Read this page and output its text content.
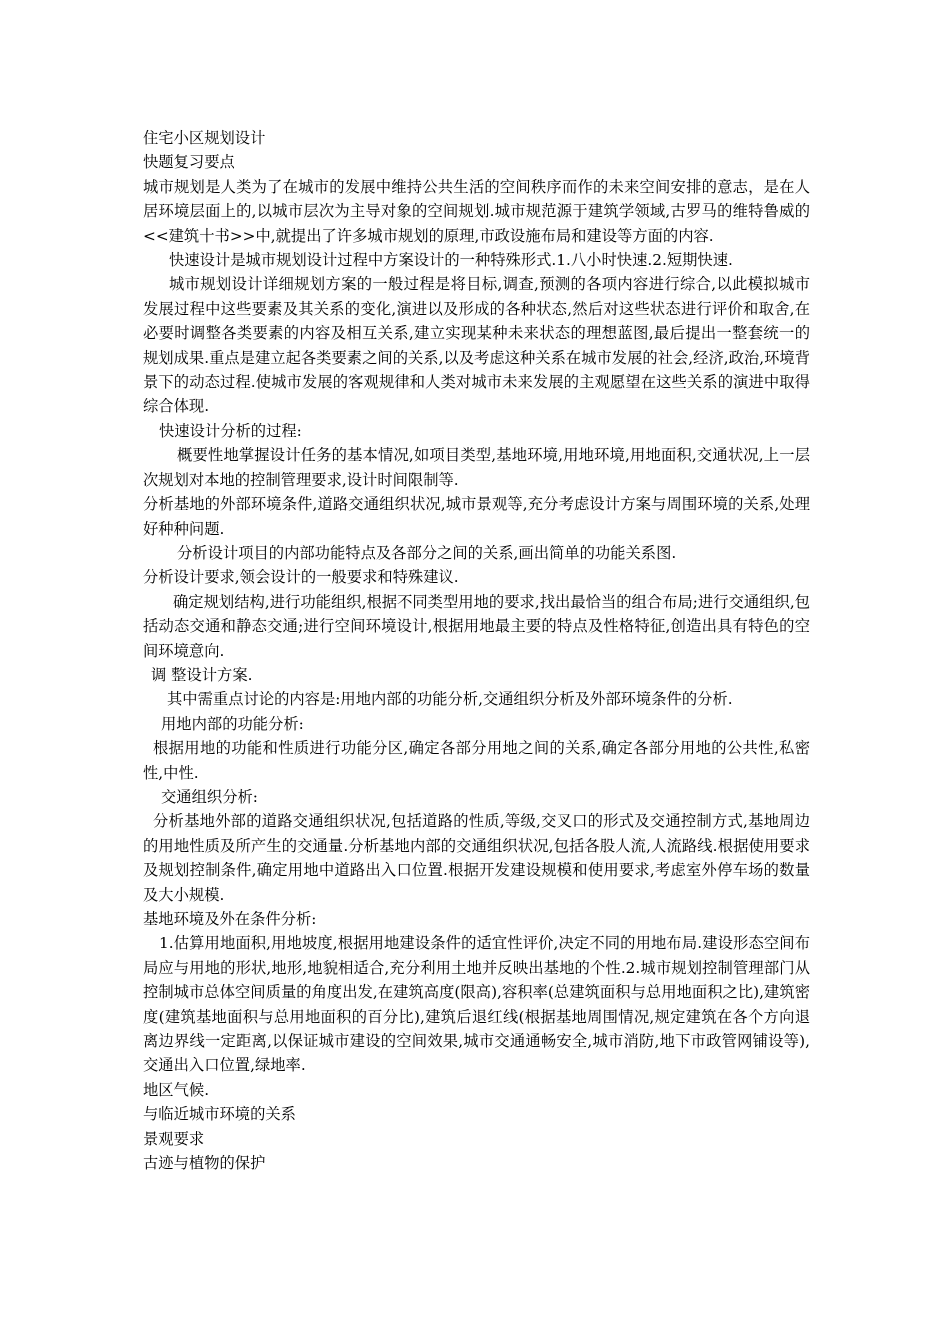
住宅小区规划设计

快题复习要点

城市规划是人类为了在城市的发展中维持公共生活的空间秩序而作的未来空间安排的意志，是在人居环境层面上的,以城市层次为主导对象的空间规划.城市规范源于建筑学领域,古罗马的维特鲁威的<<建筑十书>>中,就提出了许多城市规划的原理,市政设施布局和建设等方面的内容.

快速设计是城市规划设计过程中方案设计的一种特殊形式.1.八小时快速.2.短期快速.

城市规划设计详细规划方案的一般过程是将目标,调查,预测的各项内容进行综合,以此模拟城市发展过程中这些要素及其关系的变化,演进以及形成的各种状态,然后对这些状态进行评价和取舍,在必要时调整各类要素的内容及相互关系,建立实现某种未来状态的理想蓝图,最后提出一整套统一的规划成果.重点是建立起各类要素之间的关系,以及考虑这种关系在城市发展的社会,经济,政治,环境背景下的动态过程.使城市发展的客观规律和人类对城市未来发展的主观愿望在这些关系的演进中取得综合体现.

快速设计分析的过程:

概要性地掌握设计任务的基本情况,如项目类型,基地环境,用地环境,用地面积,交通状况,上一层次规划对本地的控制管理要求,设计时间限制等.

分析基地的外部环境条件,道路交通组织状况,城市景观等,充分考虑设计方案与周围环境的关系,处理好种种问题.

分析设计项目的内部功能特点及各部分之间的关系,画出简单的功能关系图.

分析设计要求,领会设计的一般要求和特殊建议.

确定规划结构,进行功能组织,根据不同类型用地的要求,找出最恰当的组合布局;进行交通组织,包括动态交通和静态交通;进行空间环境设计,根据用地最主要的特点及性格特征,创造出具有特色的空间环境意向.

调 整设计方案.

其中需重点讨论的内容是:用地内部的功能分析,交通组织分析及外部环境条件的分析.

用地内部的功能分析:

根据用地的功能和性质进行功能分区,确定各部分用地之间的关系,确定各部分用地的公共性,私密性,中性.

交通组织分析:

分析基地外部的道路交通组织状况,包括道路的性质,等级,交叉口的形式及交通控制方式,基地周边的用地性质及所产生的交通量.分析基地内部的交通组织状况,包括各股人流,人流路线.根据使用要求及规划控制条件,确定用地中道路出入口位置.根据开发建设规模和使用要求,考虑室外停车场的数量及大小规模.

基地环境及外在条件分析:

1.估算用地面积,用地坡度,根据用地建设条件的适宜性评价,决定不同的用地布局.建设形态空间布局应与用地的形状,地形,地貌相适合,充分利用土地并反映出基地的个性.2.城市规划控制管理部门从控制城市总体空间质量的角度出发,在建筑高度(限高),容积率(总建筑面积与总用地面积之比),建筑密度(建筑基地面积与总用地面积的百分比),建筑后退红线(根据基地周围情况,规定建筑在各个方向退离边界线一定距离,以保证城市建设的空间效果,城市交通通畅安全,城市消防,地下市政管网铺设等),交通出入口位置,绿地率.

地区气候.

与临近城市环境的关系

景观要求

古迹与植物的保护
